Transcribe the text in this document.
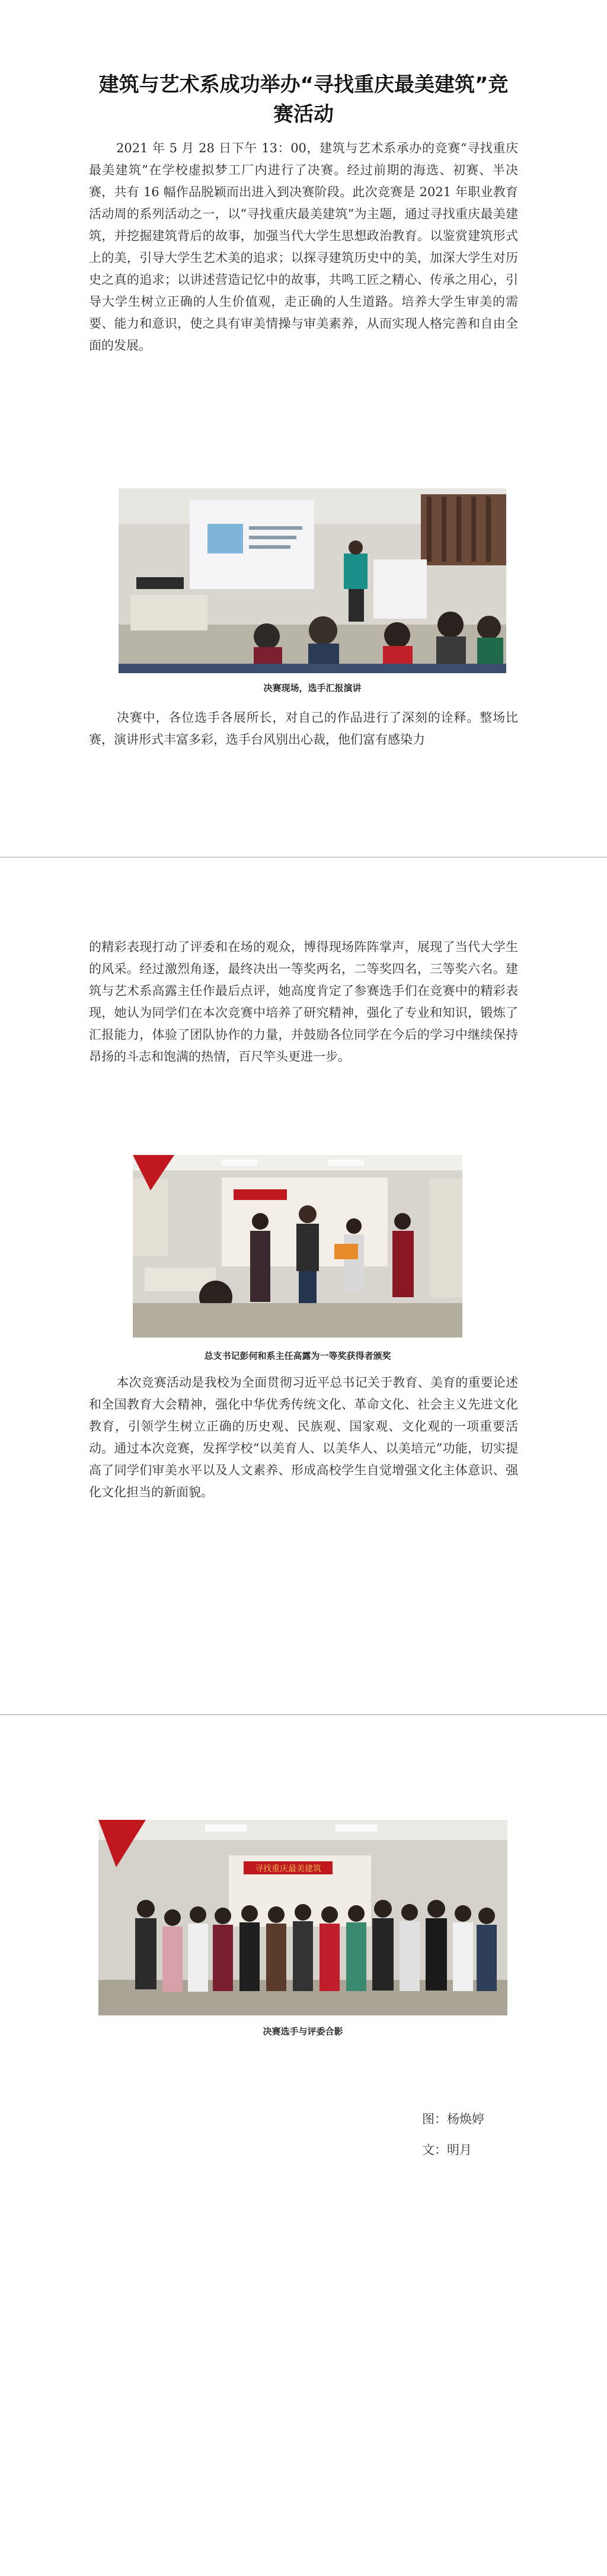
建筑与艺术系成功举办“寻找重庆最美建筑”竞赛活动

2021 年 5 月 28 日下午 13：00，建筑与艺术系承办的竞赛“寻找重庆最美建筑”在学校虚拟梦工厂内进行了决赛。经过前期的海选、初赛、半决赛，共有 16 幅作品脱颖而出进入到决赛阶段。此次竞赛是 2021 年职业教育活动周的系列活动之一，以“寻找重庆最美建筑”为主题，通过寻找重庆最美建筑，并挖掘建筑背后的故事，加强当代大学生思想政治教育。以鉴赏建筑形式上的美，引导大学生艺术美的追求；以探寻建筑历史中的美，加深大学生对历史之真的追求；以讲述营造记忆中的故事，共鸣工匠之精心、传承之用心，引导大学生树立正确的人生价值观，走正确的人生道路。培养大学生审美的需要、能力和意识，使之具有审美情操与审美素养，从而实现人格完善和自由全面的发展。

决赛现场，选手汇报演讲

决赛中，各位选手各展所长，对自己的作品进行了深刻的诠释。整场比赛，演讲形式丰富多彩，选手台风别出心裁，他们富有感染力

的精彩表现打动了评委和在场的观众，博得现场阵阵掌声，展现了当代大学生的风采。经过激烈角逐，最终决出一等奖两名，二等奖四名，三等奖六名。建筑与艺术系高露主任作最后点评，她高度肯定了参赛选手们在竞赛中的精彩表现，她认为同学们在本次竞赛中培养了研究精神，强化了专业和知识，锻炼了汇报能力，体验了团队协作的力量，并鼓励各位同学在今后的学习中继续保持昂扬的斗志和饱满的热情，百尺竿头更进一步。

总支书记彭何和系主任高露为一等奖获得者颁奖

本次竞赛活动是我校为全面贯彻习近平总书记关于教育、美育的重要论述和全国教育大会精神，强化中华优秀传统文化、革命文化、社会主义先进文化教育，引领学生树立正确的历史观、民族观、国家观、文化观的一项重要活动。通过本次竞赛，发挥学校“以美育人、以美华人、以美培元”功能，切实提高了同学们审美水平以及人文素养、形成高校学生自觉增强文化主体意识、强化文化担当的新面貌。

寻找重庆最美建筑
决赛选手与评委合影
图：杨焕婷
文：明月
